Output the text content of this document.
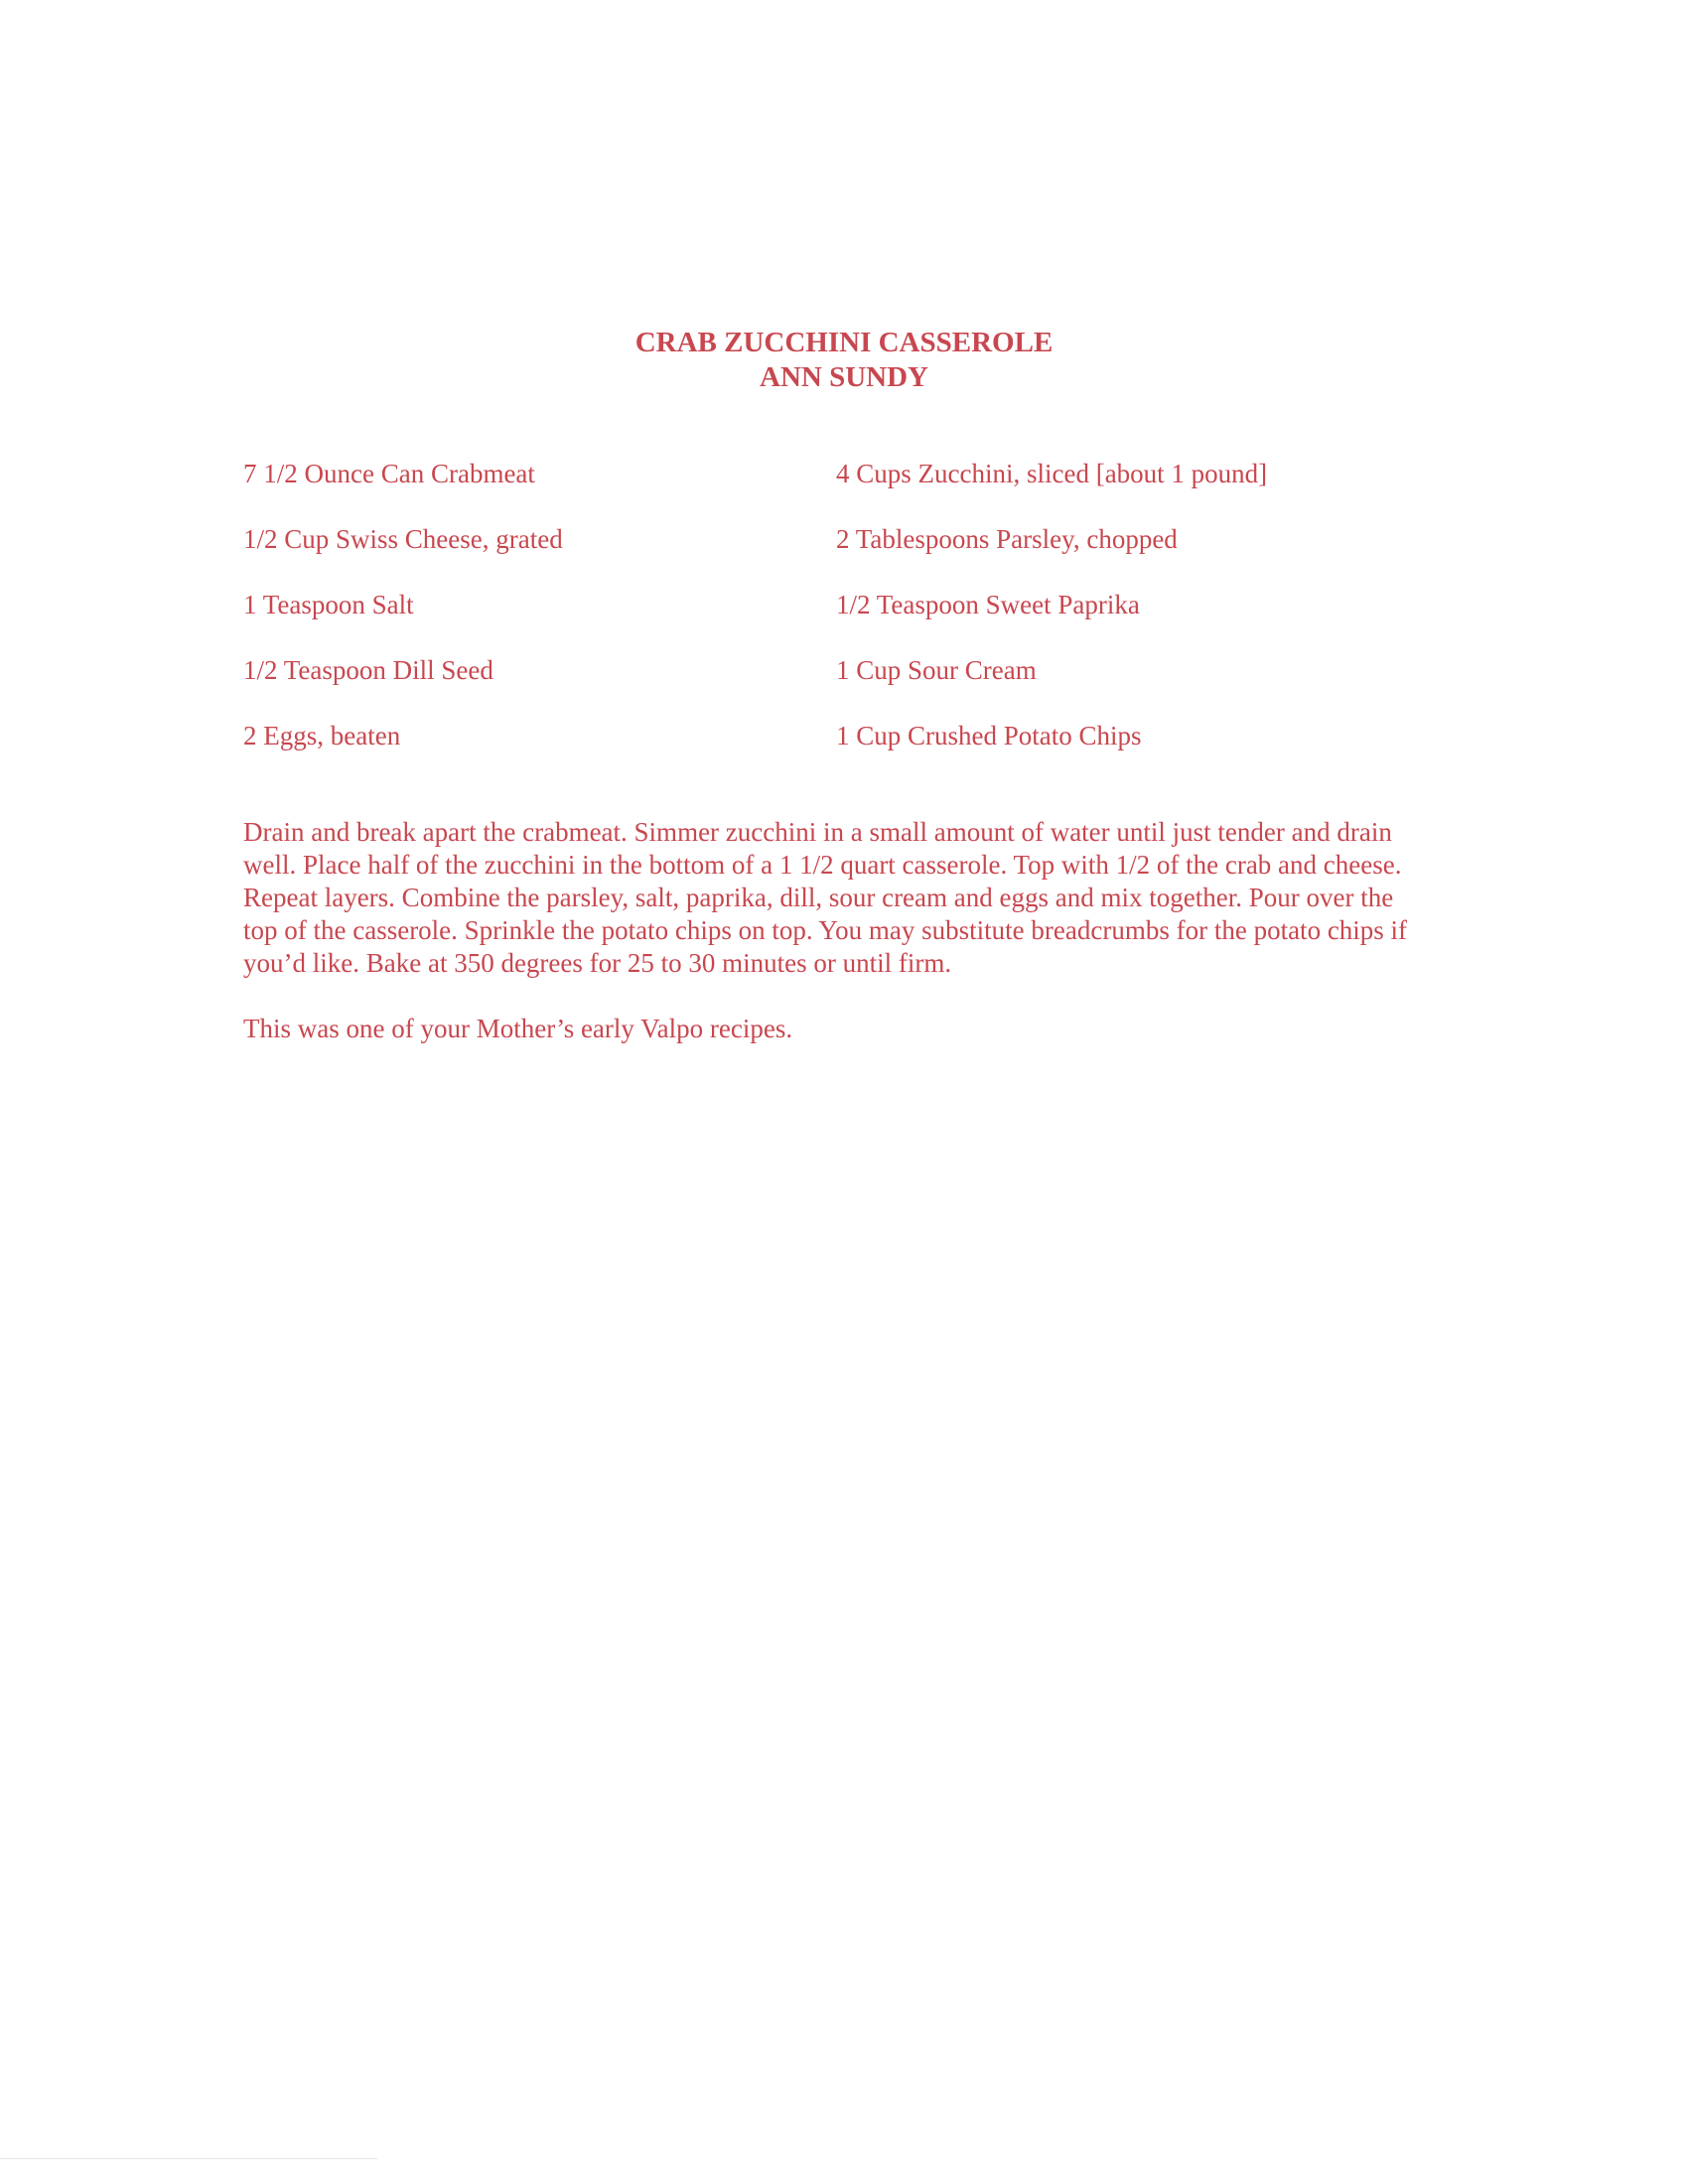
CRAB ZUCCHINI CASSEROLE
ANN SUNDY
7 1/2 Ounce Can Crabmeat	4 Cups Zucchini, sliced [about 1 pound]
1/2 Cup Swiss Cheese, grated	2 Tablespoons Parsley, chopped
1 Teaspoon Salt	1/2 Teaspoon Sweet Paprika
1/2 Teaspoon Dill Seed	1 Cup Sour Cream
2 Eggs, beaten	1 Cup Crushed Potato Chips

Drain and break apart the crabmeat. Simmer zucchini in a small amount of water until just tender and drain well. Place half of the zucchini in the bottom of a 1 1/2 quart casserole. Top with 1/2 of the crab and cheese. Repeat layers. Combine the parsley, salt, paprika, dill, sour cream and eggs and mix together. Pour over the top of the casserole. Sprinkle the potato chips on top. You may substitute breadcrumbs for the potato chips if you’d like. Bake at 350 degrees for 25 to 30 minutes or until firm.

This was one of your Mother’s early Valpo recipes.
